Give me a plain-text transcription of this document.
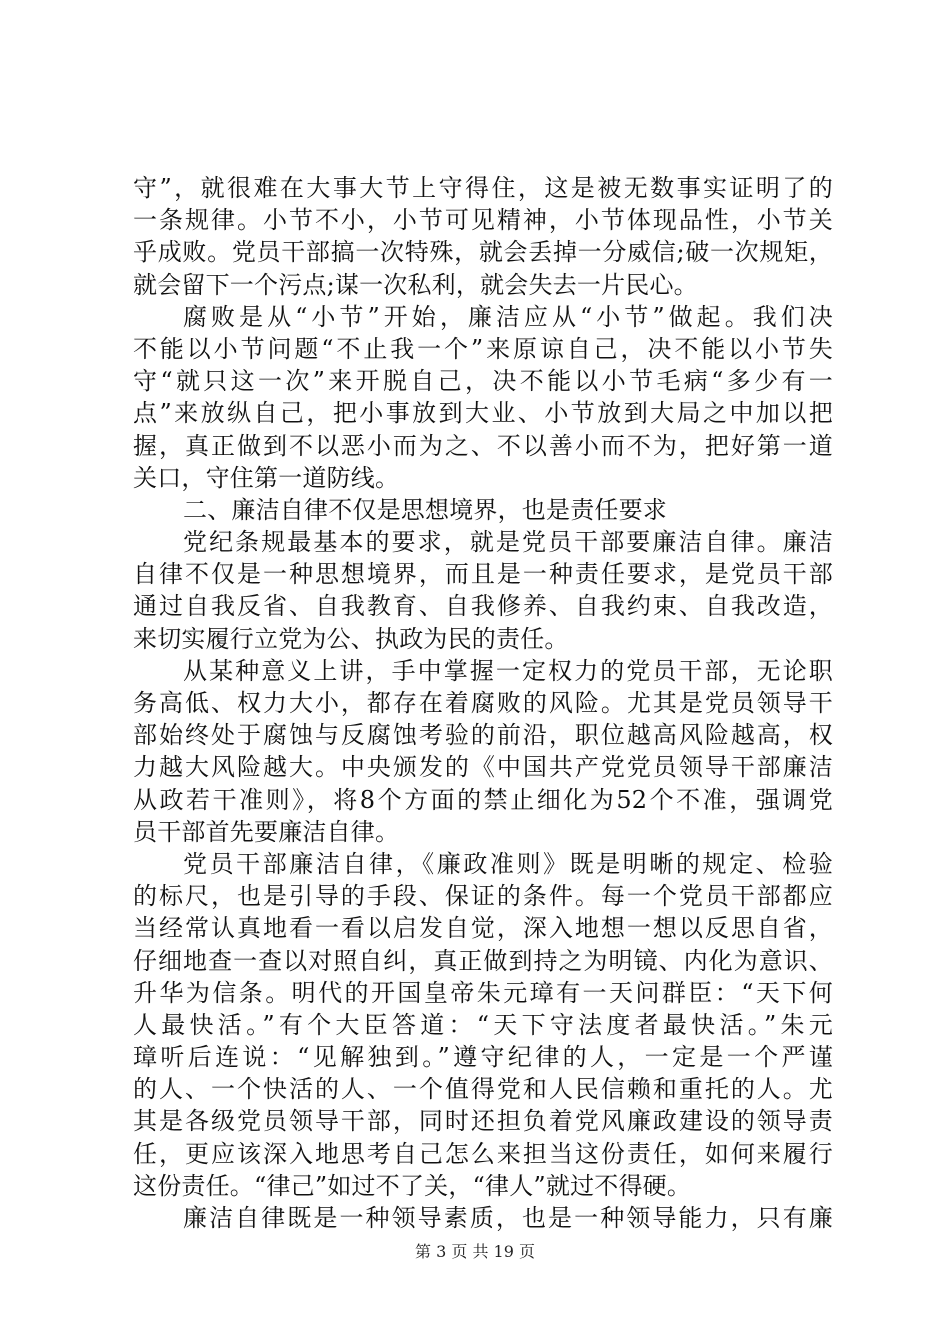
守”，就很难在大事大节上守得住，这是被无数事实证明了的
一条规律。小节不小，小节可见精神，小节体现品性，小节关
乎成败。党员干部搞一次特殊，就会丢掉一分威信;破一次规矩，
就会留下一个污点;谋一次私利，就会失去一片民心。
腐败是从“小节”开始，廉洁应从“小节”做起。我们决
不能以小节问题“不止我一个”来原谅自己，决不能以小节失
守“就只这一次”来开脱自己，决不能以小节毛病“多少有一
点”来放纵自己，把小事放到大业、小节放到大局之中加以把
握，真正做到不以恶小而为之、不以善小而不为，把好第一道
关口，守住第一道防线。
二、廉洁自律不仅是思想境界，也是责任要求
党纪条规最基本的要求，就是党员干部要廉洁自律。廉洁
自律不仅是一种思想境界，而且是一种责任要求，是党员干部
通过自我反省、自我教育、自我修养、自我约束、自我改造，
来切实履行立党为公、执政为民的责任。
从某种意义上讲，手中掌握一定权力的党员干部，无论职
务高低、权力大小，都存在着腐败的风险。尤其是党员领导干
部始终处于腐蚀与反腐蚀考验的前沿，职位越高风险越高，权
力越大风险越大。中央颁发的《中国共产党党员领导干部廉洁
从政若干准则》，将8个方面的禁止细化为52个不准，强调党
员干部首先要廉洁自律。
党员干部廉洁自律，《廉政准则》既是明晰的规定、检验
的标尺，也是引导的手段、保证的条件。每一个党员干部都应
当经常认真地看一看以启发自觉，深入地想一想以反思自省，
仔细地查一查以对照自纠，真正做到持之为明镜、内化为意识、
升华为信条。明代的开国皇帝朱元璋有一天问群臣：“天下何
人最快活。”有个大臣答道：“天下守法度者最快活。”朱元
璋听后连说：“见解独到。”遵守纪律的人，一定是一个严谨
的人、一个快活的人、一个值得党和人民信赖和重托的人。尤
其是各级党员领导干部，同时还担负着党风廉政建设的领导责
任，更应该深入地思考自己怎么来担当这份责任，如何来履行
这份责任。“律己”如过不了关，“律人”就过不得硬。
廉洁自律既是一种领导素质，也是一种领导能力，只有廉
第 3 页 共 19 页
